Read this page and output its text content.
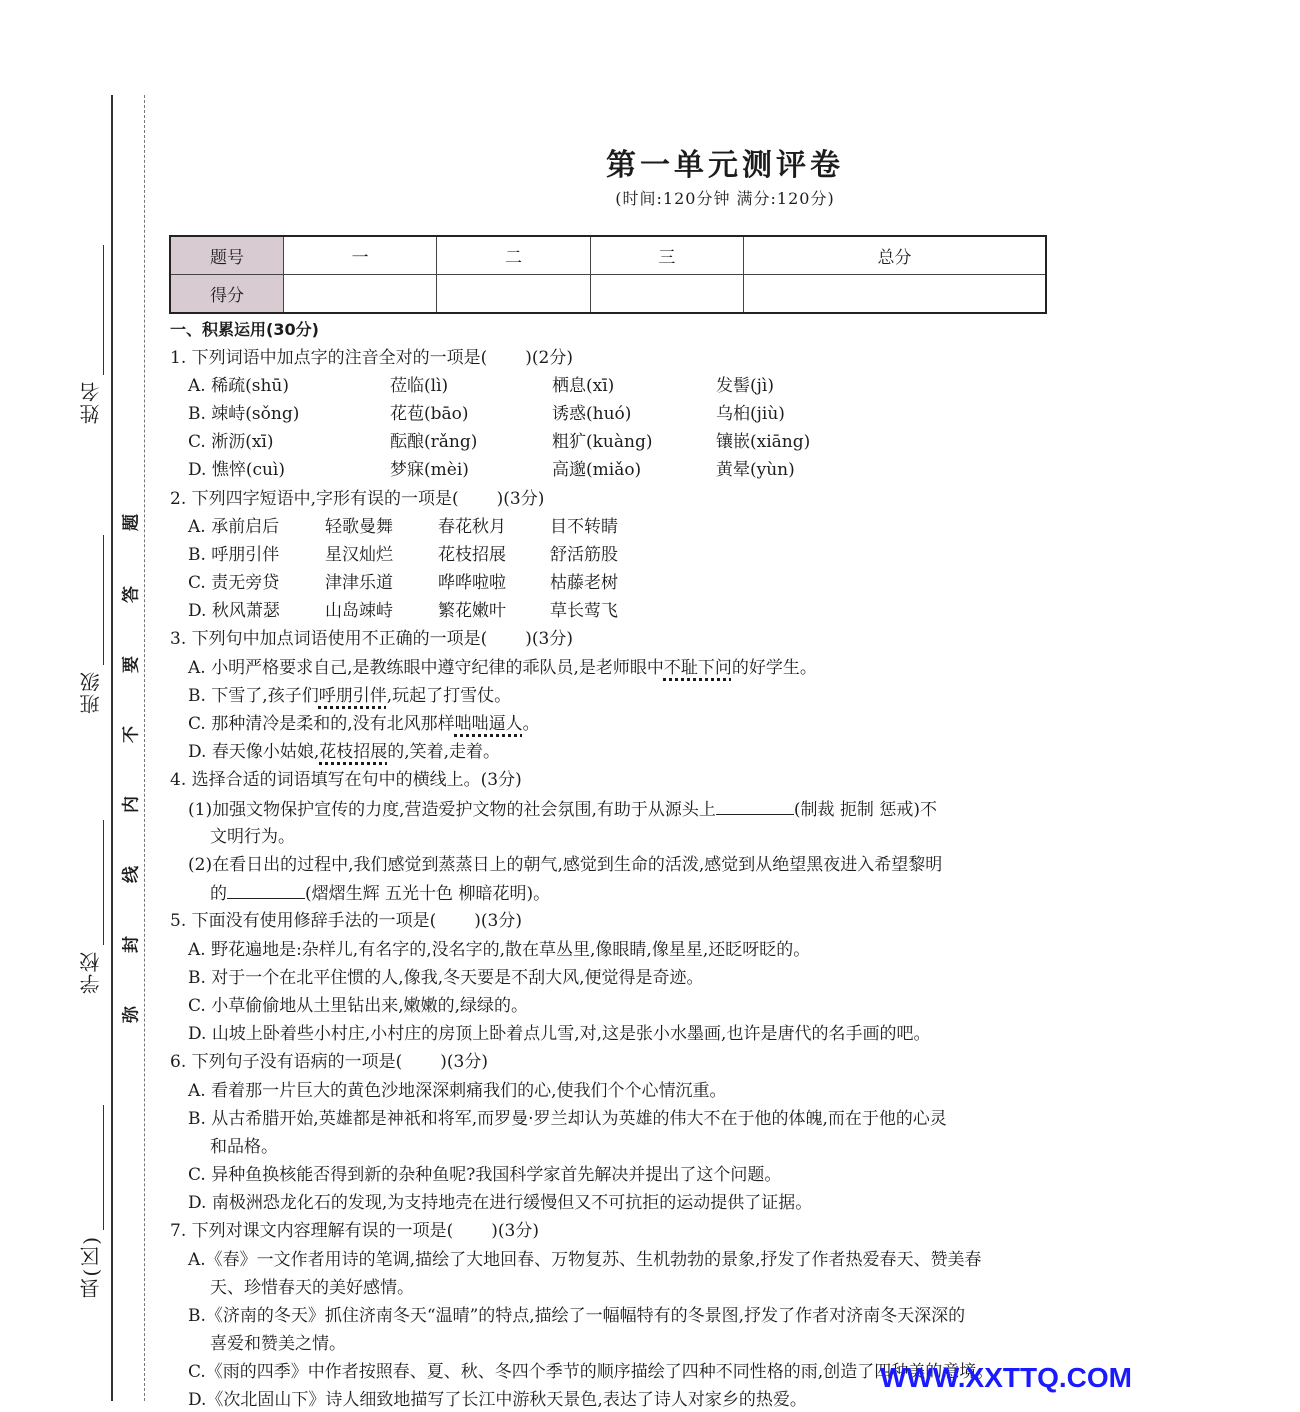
姓名
班级
学校
县(区)
题
答
要
不
内
线
封
弥
第一单元测评卷
(时间:120分钟 满分:120分)
题号	一	二	三	总分
得分				
一、积累运用(30分)
1. 下列词语中加点字的注音全对的一项是( )(2分)
A. 稀疏(shū)	莅临(lì)	栖息(xī)	发髻(jì)
B. 竦峙(sǒng)	花苞(bāo)	诱惑(huó)	乌桕(jiù)
C. 淅沥(xī)	酝酿(rǎng)	粗犷(kuàng)	镶嵌(xiāng)
D. 憔悴(cuì)	梦寐(mèi)	高邈(miǎo)	黄晕(yùn)
2. 下列四字短语中,字形有误的一项是( )(3分)
A. 承前启后	轻歌曼舞	春花秋月	目不转睛
B. 呼朋引伴	星汉灿烂	花枝招展	舒活筋股
C. 责无旁贷	津津乐道	哗哗啦啦	枯藤老树
D. 秋风萧瑟	山岛竦峙	繁花嫩叶	草长莺飞
3. 下列句中加点词语使用不正确的一项是( )(3分)
A. 小明严格要求自己,是教练眼中遵守纪律的乖队员,是老师眼中不耻下问的好学生。
B. 下雪了,孩子们呼朋引伴,玩起了打雪仗。
C. 那种清冷是柔和的,没有北风那样咄咄逼人。
D. 春天像小姑娘,花枝招展的,笑着,走着。
4. 选择合适的词语填写在句中的横线上。(3分)
(1)加强文物保护宣传的力度,营造爱护文物的社会氛围,有助于从源头上	(制裁 扼制 惩戒)不
文明行为。
(2)在看日出的过程中,我们感觉到蒸蒸日上的朝气,感觉到生命的活泼,感觉到从绝望黑夜进入希望黎明
的	(熠熠生辉 五光十色 柳暗花明)。
5. 下面没有使用修辞手法的一项是( )(3分)
A. 野花遍地是:杂样儿,有名字的,没名字的,散在草丛里,像眼睛,像星星,还眨呀眨的。
B. 对于一个在北平住惯的人,像我,冬天要是不刮大风,便觉得是奇迹。
C. 小草偷偷地从土里钻出来,嫩嫩的,绿绿的。
D. 山坡上卧着些小村庄,小村庄的房顶上卧着点儿雪,对,这是张小水墨画,也许是唐代的名手画的吧。
6. 下列句子没有语病的一项是( )(3分)
A. 看着那一片巨大的黄色沙地深深刺痛我们的心,使我们个个心情沉重。
B. 从古希腊开始,英雄都是神祇和将军,而罗曼·罗兰却认为英雄的伟大不在于他的体魄,而在于他的心灵
和品格。
C. 异种鱼换核能否得到新的杂种鱼呢?我国科学家首先解决并提出了这个问题。
D. 南极洲恐龙化石的发现,为支持地壳在进行缓慢但又不可抗拒的运动提供了证据。
7. 下列对课文内容理解有误的一项是( )(3分)
A.《春》一文作者用诗的笔调,描绘了大地回春、万物复苏、生机勃勃的景象,抒发了作者热爱春天、赞美春
天、珍惜春天的美好感情。
B.《济南的冬天》抓住济南冬天“温晴”的特点,描绘了一幅幅特有的冬景图,抒发了作者对济南冬天深深的
喜爱和赞美之情。
C.《雨的四季》中作者按照春、夏、秋、冬四个季节的顺序描绘了四种不同性格的雨,创造了四种美的意境。
D.《次北固山下》诗人细致地描写了长江中游秋天景色,表达了诗人对家乡的热爱。
WWW.XXTTQ.COM
